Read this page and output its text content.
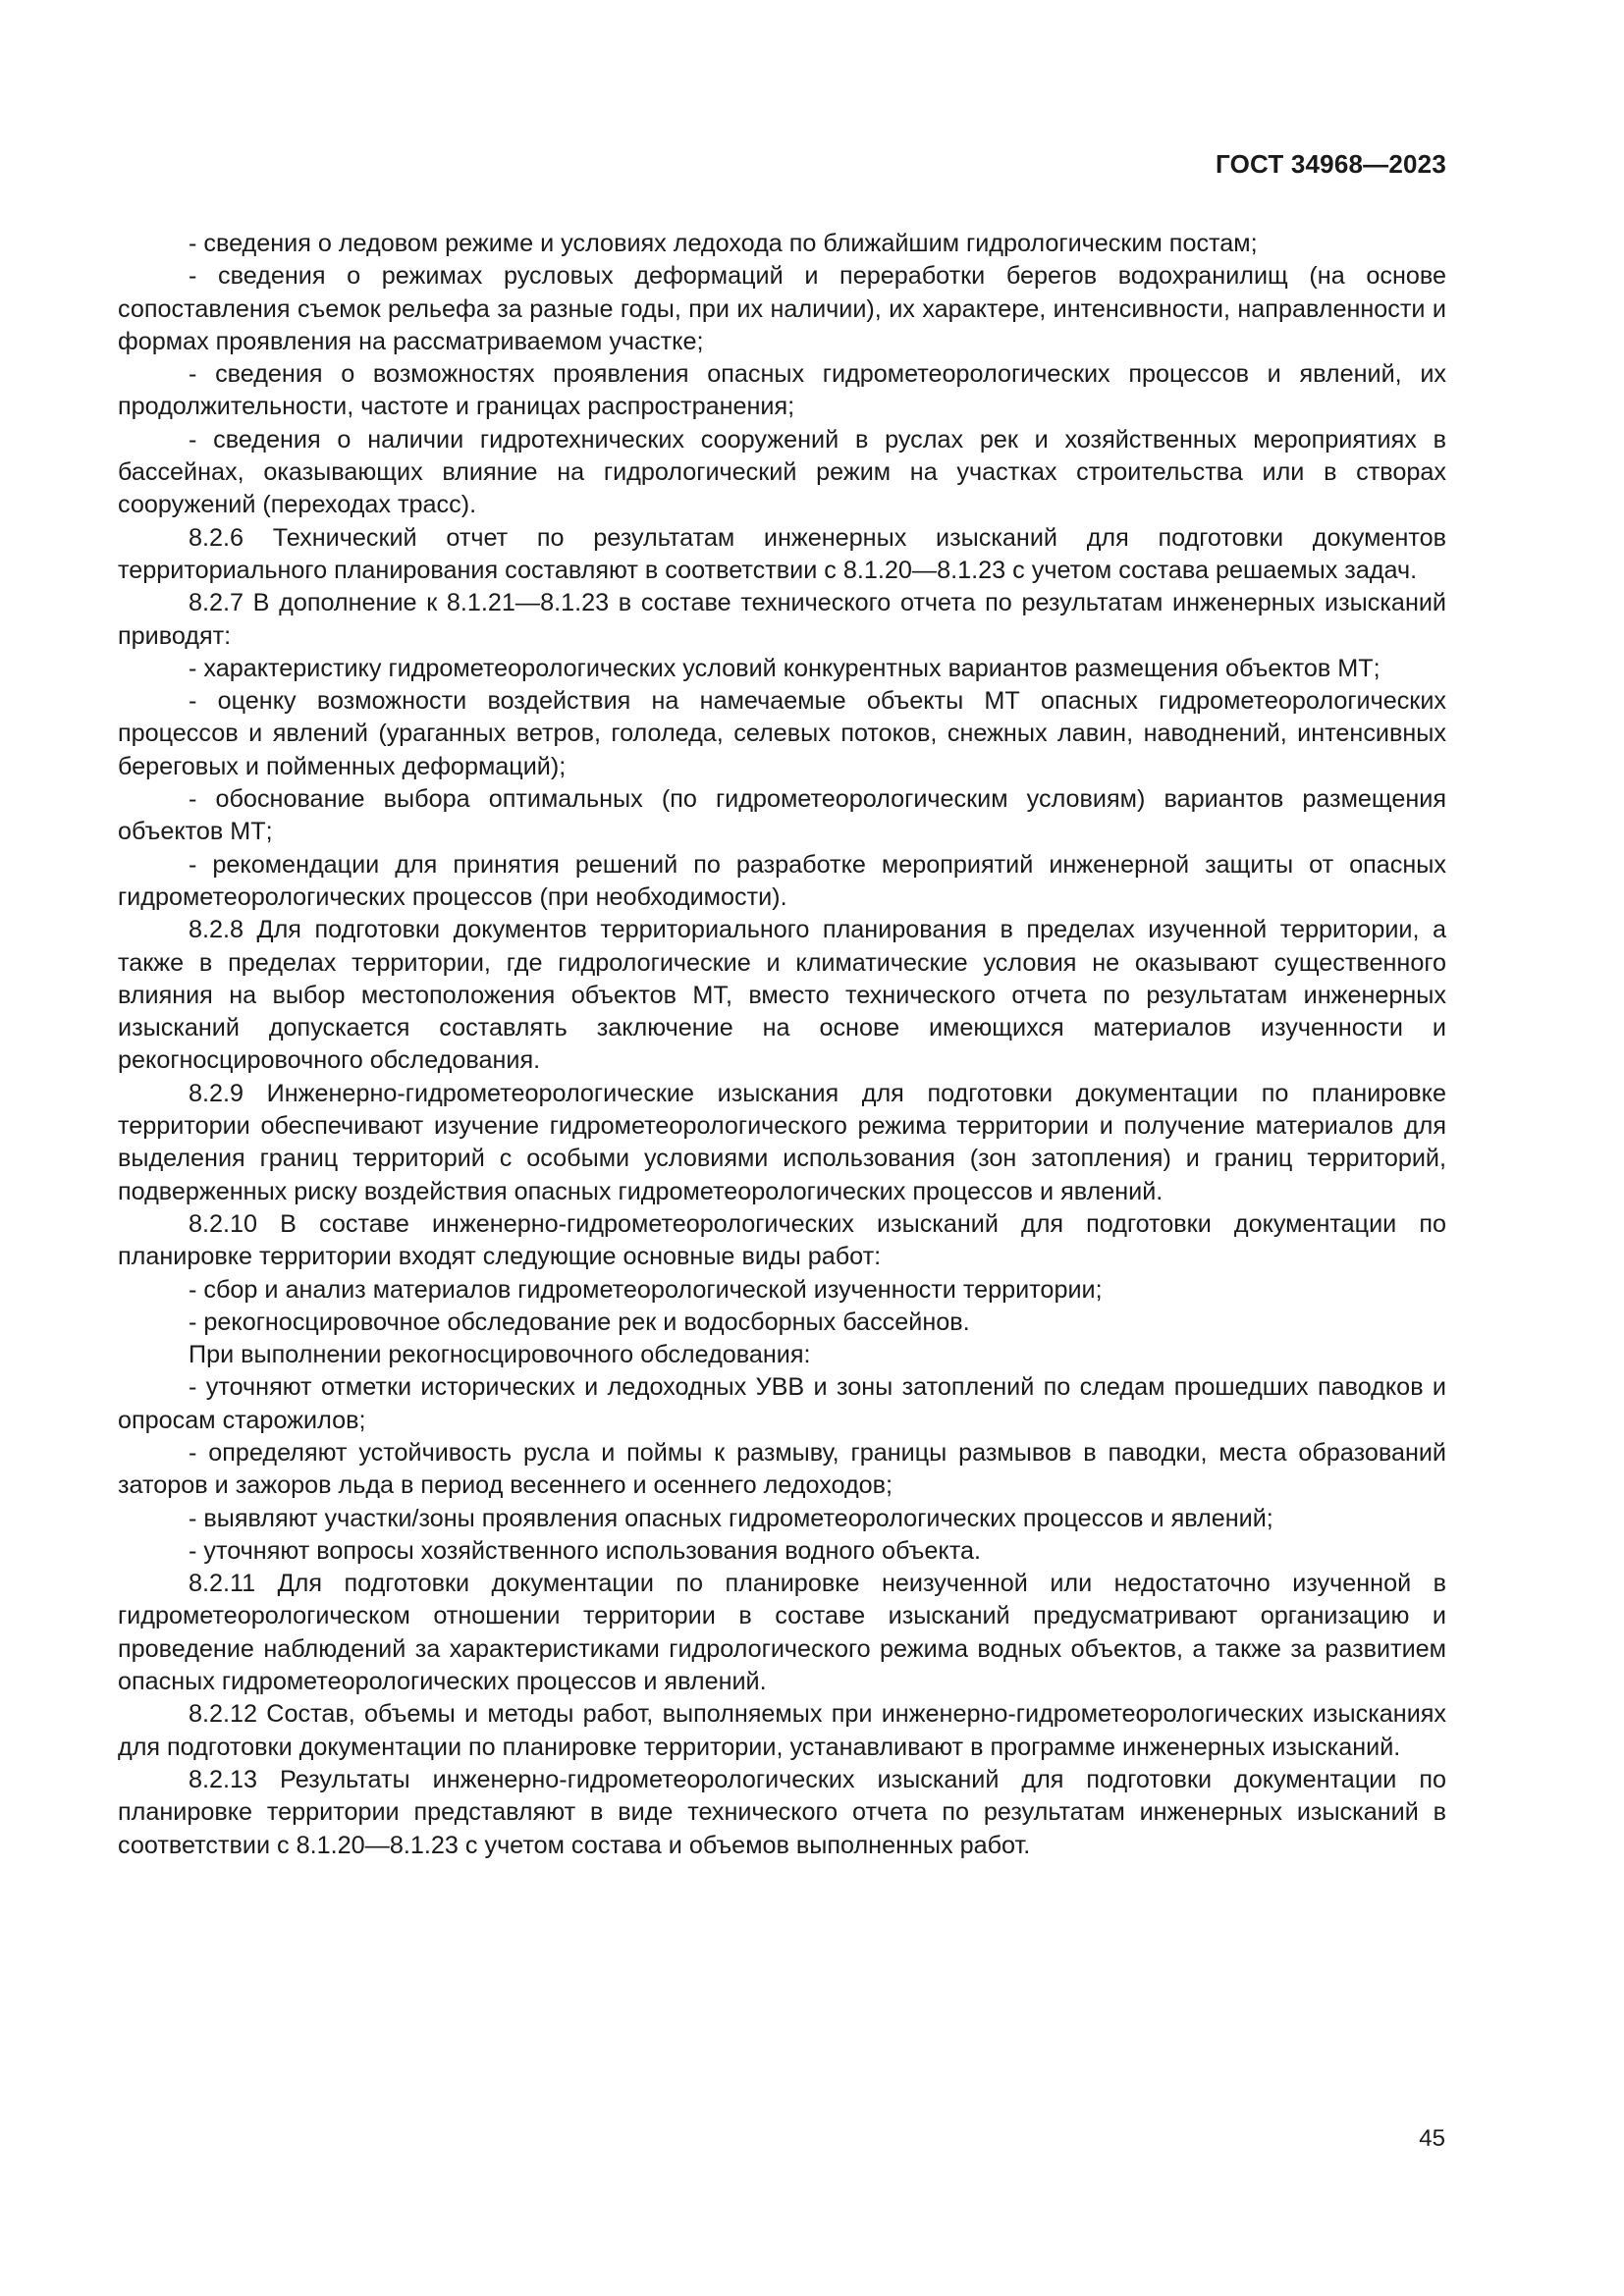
ГОСТ 34968—2023

- сведения о ледовом режиме и условиях ледохода по ближайшим гидрологическим постам;

- сведения о режимах русловых деформаций и переработки берегов водохранилищ (на основе сопоставления съемок рельефа за разные годы, при их наличии), их характере, интенсивности, направленности и формах проявления на рассматриваемом участке;

- сведения о возможностях проявления опасных гидрометеорологических процессов и явлений, их продолжительности, частоте и границах распространения;

- сведения о наличии гидротехнических сооружений в руслах рек и хозяйственных мероприятиях в бассейнах, оказывающих влияние на гидрологический режим на участках строительства или в створах сооружений (переходах трасс).

8.2.6 Технический отчет по результатам инженерных изысканий для подготовки документов территориального планирования составляют в соответствии с 8.1.20—8.1.23 с учетом состава решаемых задач.

8.2.7 В дополнение к 8.1.21—8.1.23 в составе технического отчета по результатам инженерных изысканий приводят:

- характеристику гидрометеорологических условий конкурентных вариантов размещения объектов МТ;

- оценку возможности воздействия на намечаемые объекты МТ опасных гидрометеорологических процессов и явлений (ураганных ветров, гололеда, селевых потоков, снежных лавин, наводнений, интенсивных береговых и пойменных деформаций);

- обоснование выбора оптимальных (по гидрометеорологическим условиям) вариантов размещения объектов МТ;

- рекомендации для принятия решений по разработке мероприятий инженерной защиты от опасных гидрометеорологических процессов (при необходимости).

8.2.8 Для подготовки документов территориального планирования в пределах изученной территории, а также в пределах территории, где гидрологические и климатические условия не оказывают существенного влияния на выбор местоположения объектов МТ, вместо технического отчета по результатам инженерных изысканий допускается составлять заключение на основе имеющихся материалов изученности и рекогносцировочного обследования.

8.2.9 Инженерно-гидрометеорологические изыскания для подготовки документации по планировке территории обеспечивают изучение гидрометеорологического режима территории и получение материалов для выделения границ территорий с особыми условиями использования (зон затопления) и границ территорий, подверженных риску воздействия опасных гидрометеорологических процессов и явлений.

8.2.10 В составе инженерно-гидрометеорологических изысканий для подготовки документации по планировке территории входят следующие основные виды работ:

- сбор и анализ материалов гидрометеорологической изученности территории;

- рекогносцировочное обследование рек и водосборных бассейнов.

При выполнении рекогносцировочного обследования:

- уточняют отметки исторических и ледоходных УВВ и зоны затоплений по следам прошедших паводков и опросам старожилов;

- определяют устойчивость русла и поймы к размыву, границы размывов в паводки, места образований заторов и зажоров льда в период весеннего и осеннего ледоходов;

- выявляют участки/зоны проявления опасных гидрометеорологических процессов и явлений;

- уточняют вопросы хозяйственного использования водного объекта.

8.2.11 Для подготовки документации по планировке неизученной или недостаточно изученной в гидрометеорологическом отношении территории в составе изысканий предусматривают организацию и проведение наблюдений за характеристиками гидрологического режима водных объектов, а также за развитием опасных гидрометеорологических процессов и явлений.

8.2.12 Состав, объемы и методы работ, выполняемых при инженерно-гидрометеорологических изысканиях для подготовки документации по планировке территории, устанавливают в программе инженерных изысканий.

8.2.13 Результаты инженерно-гидрометеорологических изысканий для подготовки документации по планировке территории представляют в виде технического отчета по результатам инженерных изысканий в соответствии с 8.1.20—8.1.23 с учетом состава и объемов выполненных работ.

45
